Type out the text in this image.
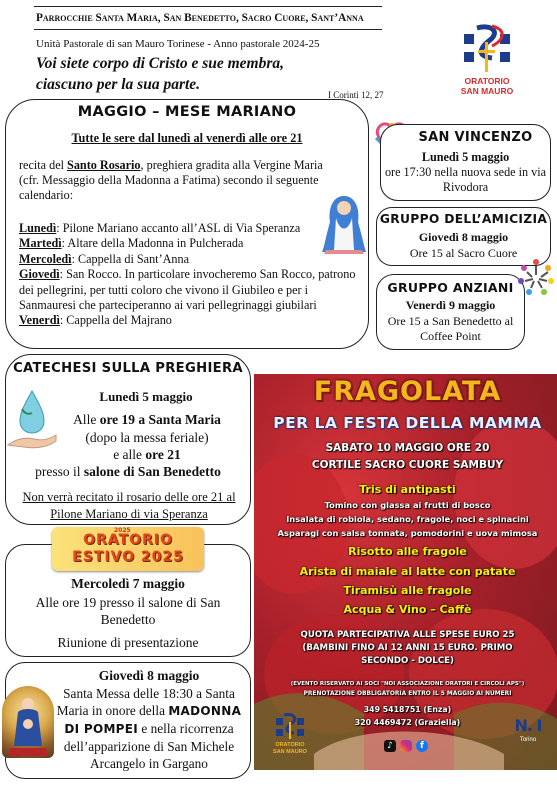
Parrocchie Santa Maria, San Benedetto, Sacro Cuore, Sant’Anna
Unità Pastorale di san Mauro Torinese - Anno pastorale 2024-25
Voi siete corpo di Cristo e sue membra,
ciascuno per la sua parte.
I Corinti 12, 27
ORATORIO
SAN MAURO
MAGGIO – MESE MARIANO
Tutte le sere dal lunedì al venerdì alle ore 21
recita del Santo Rosario, preghiera gradita alla Vergine Maria (cfr. Messaggio della Madonna a Fatima) secondo il seguente calendario:

Lunedì: Pilone Mariano accanto all’ASL di Via Speranza

Martedì: Altare della Madonna in Pulcherada

Mercoledì: Cappella di Sant’Anna

Giovedì: San Rocco. In particolare invocheremo San Rocco, patrono dei pellegrini, per tutti coloro che vivono il Giubileo e per i Sanmauresi che parteciperanno ai vari pellegrinaggi giubilari

Venerdì: Cappella del Majrano

SAN VINCENZO
Lunedì 5 maggio
ore 17:30 nella nuova sede in via Rivodora
GRUPPO DELL’AMICIZIA
Giovedì 8 maggio
Ore 15 al Sacro Cuore
GRUPPO ANZIANI
Venerdì 9 maggio
Ore 15 a San Benedetto al Coffee Point
CATECHESI SULLA PREGHIERA
Lunedì 5 maggio
Alle ore 19 a Santa Maria
(dopo la messa feriale)
e alle ore 21
presso il salone di San Benedetto
Non verrà recitato il rosario delle ore 21 al Pilone Mariano di via Speranza
2025
ORATORIO
ESTIVO 2025
Mercoledì 7 maggio
Alle ore 19 presso il salone di San Benedetto
Riunione di presentazione
Giovedì 8 maggio
Santa Messa delle 18:30 a Santa Maria in onore della MADONNA DI POMPEI e nella ricorrenza dell’apparizione di San Michele Arcangelo in Gargano
FRAGOLATA
PER LA FESTA DELLA MAMMA
SABATO 10 MAGGIO ORE 20
CORTILE SACRO CUORE SAMBUY
Tris di antipasti
Tomino con glassa ai frutti di bosco
Insalata di robiola, sedano, fragole, noci e spinacini
Asparagi con salsa tonnata, pomodorini e uova mimosa
Risotto alle fragole
Arista di maiale al latte con patate
Tiramisù alle fragole
Acqua & Vino – Caffè
QUOTA PARTECIPATIVA ALLE SPESE EURO 25
(BAMBINI FINO AI 12 ANNI 15 EURO. PRIMO
SECONDO - DOLCE)
(EVENTO RISERVATO AI SOCI "NOI ASSOCIAZIONE ORATORI E CIRCOLI APS")
PRENOTAZIONE OBBLIGATORIA ENTRO IL 5 MAGGIO AI NUMERI
349 5418751 (Enza)
320 4469472 (Graziella)
ORATORIO
SAN MAURO
♪	f
N. I
Torino
